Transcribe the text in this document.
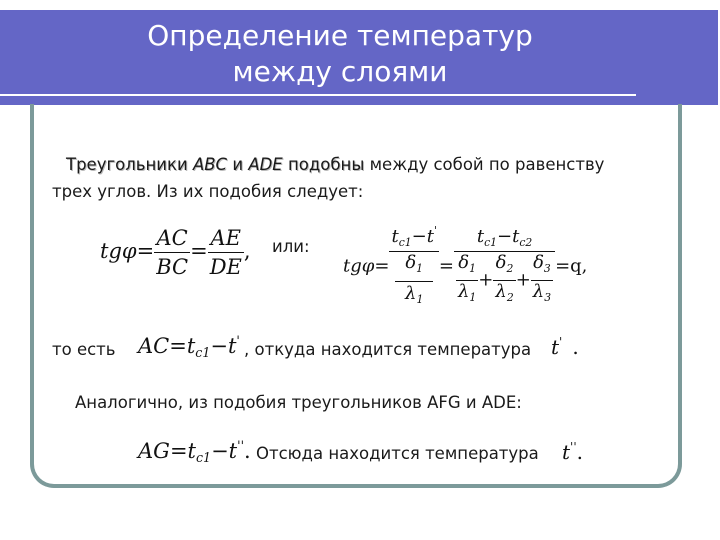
Определение температур
между слоями
Треугольники ABC и ADE подобны между собой по равенству
трех углов. Из их подобия следует:
$tg\varphi= \frac{AC}{BC} = \frac{AE}{DE}$ , или:
$tg\varphi= t_{c1}-t'$
$\delta_1$
$\lambda_1 = \frac{t_{c1}-t_{c2}}{\frac{\delta_1}{\lambda_1} + \frac{\delta_2}{\lambda_2} + \frac{\delta_3}{\lambda_3}} =q$,
то есть $AC=t_{c1}-t'$ , откуда находится температура t' .
Аналогично, из подобия треугольников AFG и ADE:
$AG=t_{c1}-t''$. Отсюда находится температура t''.
